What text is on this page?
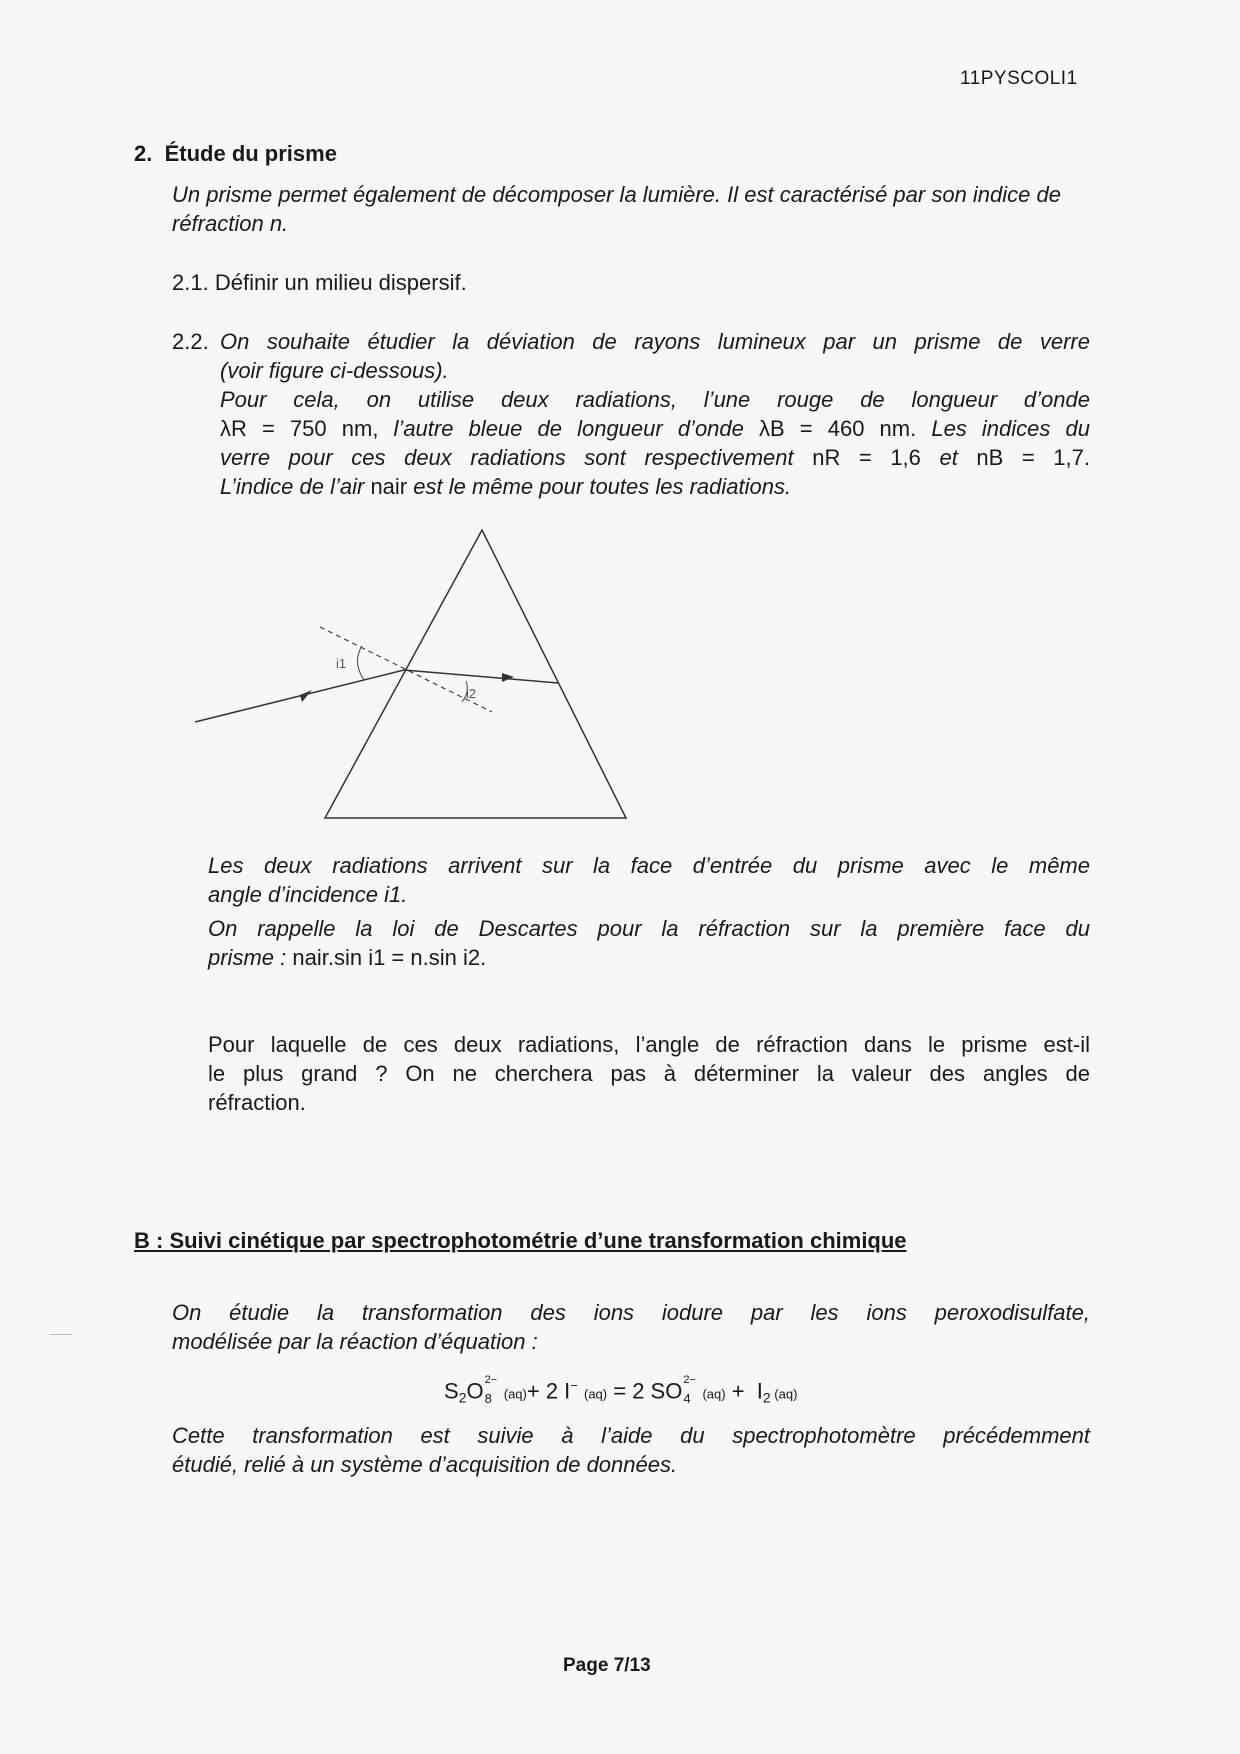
11PYSCOLI1
2. Étude du prisme
Un prisme permet également de décomposer la lumière. Il est caractérisé par son indice de réfraction n.
2.1. Définir un milieu dispersif.
2.2. On souhaite étudier la déviation de rayons lumineux par un prisme de verre
(voir figure ci-dessous).
Pour cela, on utilise deux radiations, l’une rouge de longueur d’onde
λR = 750 nm, l’autre bleue de longueur d’onde λB = 460 nm. Les indices du
verre pour ces deux radiations sont respectivement nR = 1,6 et nB = 1,7.
L’indice de l’air nair est le même pour toutes les radiations.
i1
i2
Les deux radiations arrivent sur la face d’entrée du prisme avec le même
angle d’incidence i1.
On rappelle la loi de Descartes pour la réfraction sur la première face du
prisme : nair.sin i1 = n.sin i2.
Pour laquelle de ces deux radiations, l’angle de réfraction dans le prisme est-il
le plus grand ? On ne cherchera pas à déterminer la valeur des angles de
réfraction.
B : Suivi cinétique par spectrophotométrie d’une transformation chimique
On étudie la transformation des ions iodure par les ions peroxodisulfate,
modélisée par la réaction d’équation :
$S_2O$ 2−
8 (aq)+ 2 I− (aq) = 2 SO 2−
4 $(aq) + I_2$ (aq)
Cette transformation est suivie à l’aide du spectrophotomètre précédemment
étudié, relié à un système d’acquisition de données.
Page 7/13
